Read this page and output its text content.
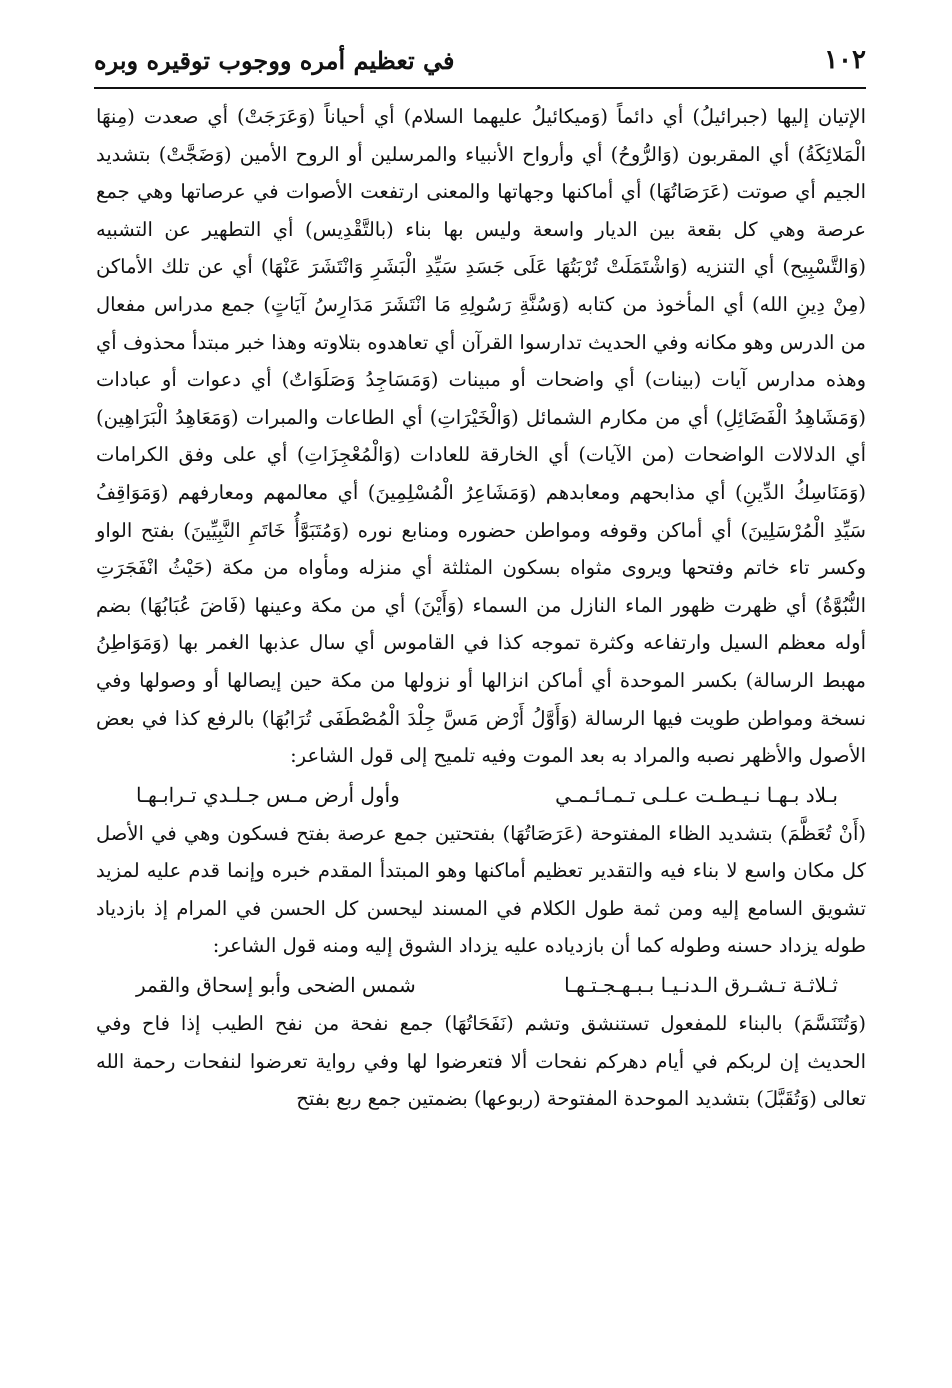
١٠٢
في تعظيم أمره ووجوب توقيره وبره

الإتيان إليها (جبرائيلُ) أي دائماً (وَميكائيلُ عليهما السلام) أي أحياناً (وَعَرَجَتْ) أي صعدت (مِنهَا الْمَلائِكَةُ) أي المقربون (وَالرُّوحُ) أي وأرواح الأنبياء والمرسلين أو الروح الأمين (وَضَجَّتْ) بتشديد الجيم أي صوتت (عَرَصَاتُهَا) أي أماكنها وجهاتها والمعنى ارتفعت الأصوات في عرصاتها وهي جمع عرصة وهي كل بقعة بين الديار واسعة وليس بها بناء (بالتَّقْدِيس) أي التطهير عن التشبيه (وَالتَّسْبِيح) أي التنزيه (وَاشْتَمَلَتْ تُرْبَتُهَا عَلَى جَسَدِ سَيِّدِ الْبَشَرِ وَانْتَشَرَ عَنْهَا) أي عن تلك الأماكن (مِنْ دِينِ الله) أي المأخوذ من كتابه (وَسُنَّةِ رَسُولِهِ مَا انْتَشَرَ مَدَارِسُ آيَاتٍ) جمع مدراس مفعال من الدرس وهو مكانه وفي الحديث تدارسوا القرآن أي تعاهدوه بتلاوته وهذا خبر مبتدأ محذوف أي وهذه مدارس آيات (بينات) أي واضحات أو مبينات (وَمَسَاجِدُ وَصَلَوَاتٌ) أي دعوات أو عبادات (وَمَشَاهِدُ الْفَضَائِلِ) أي من مكارم الشمائل (وَالْخَيْرَاتِ) أي الطاعات والمبرات (وَمَعَاهِدُ الْبَرَاهِين) أي الدلالات الواضحات (من الآيات) أي الخارقة للعادات (وَالْمُعْجِزَاتِ) أي على وفق الكرامات (وَمَنَاسِكُ الدِّينِ) أي مذابحهم ومعابدهم (وَمَشَاعِرُ الْمُسْلِمِينَ) أي معالمهم ومعارفهم (وَمَوَاقِفُ سَيِّدِ الْمُرْسَلِينَ) أي أماكن وقوفه ومواطن حضوره ومنابع نوره (وَمُتَبَوَّأُ خَاتَمِ النَّبِيِّينَ) بفتح الواو وكسر تاء خاتم وفتحها ويروى مثواه بسكون المثلثة أي منزله ومأواه من مكة (حَيْثُ انْفَجَرَتِ النُّبُوَّةُ) أي ظهرت ظهور الماء النازل من السماء (وَأَيْنَ) أي من مكة وعينها (فَاضَ عُبَابُهَا) بضم أوله معظم السيل وارتفاعه وكثرة تموجه كذا في القاموس أي سال عذبها الغمر بها (وَمَوَاطِنُ مهبط الرسالة) بكسر الموحدة أي أماكن انزالها أو نزولها من مكة حين إيصالها أو وصولها وفي نسخة ومواطن طويت فيها الرسالة (وَأَوَّلُ أَرْض مَسَّ جِلْدَ الْمُصْطَفَى تُرَابُهَا) بالرفع كذا في بعض الأصول والأظهر نصبه والمراد به بعد الموت وفيه تلميح إلى قول الشاعر:

بـلاد بـهـا نـيـطـت عـلـى تـمـائـمـي
وأول أرض مـس جـلـدي تـرابـهـا

(أَنْ تُعَظَّمَ) بتشديد الظاء المفتوحة (عَرَصَاتُهَا) بفتحتين جمع عرصة بفتح فسكون وهي في الأصل كل مكان واسع لا بناء فيه والتقدير تعظيم أماكنها وهو المبتدأ المقدم خبره وإنما قدم عليه لمزيد تشويق السامع إليه ومن ثمة طول الكلام في المسند ليحسن كل الحسن في المرام إذ بازدياد طوله يزداد حسنه وطوله كما أن بازدياده عليه يزداد الشوق إليه ومنه قول الشاعر:

ثـلاثـة تـشـرق الـدنـيـا بـبـهـجـتـهـا
شمس الضحى وأبو إسحاق والقمر

(وَتُتَنَسَّمَ) بالبناء للمفعول تستنشق وتشم (نَفَحَاتُهَا) جمع نفحة من نفح الطيب إذا فاح وفي الحديث إن لربكم في أيام دهركم نفحات ألا فتعرضوا لها وفي رواية تعرضوا لنفحات رحمة الله تعالى (وَتُقَبَّلَ) بتشديد الموحدة المفتوحة (ربوعها) بضمتين جمع ربع بفتح
